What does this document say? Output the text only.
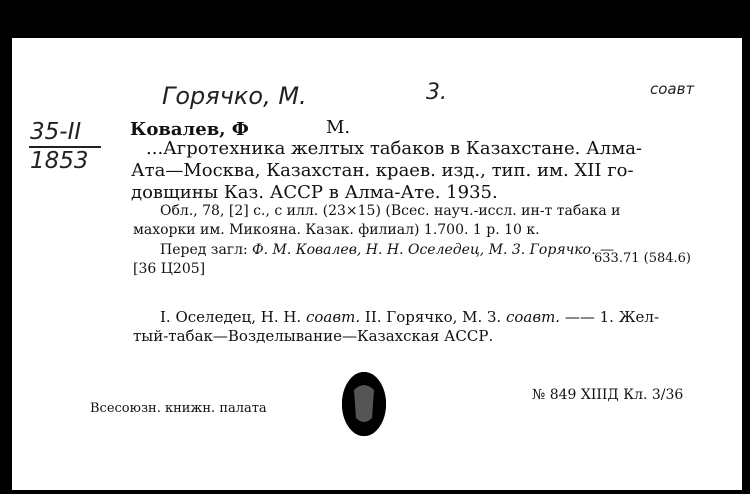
Горячко, М.	3.	соавт
35-II
1853
Ковалев, Ф	М.
...Агротехника желтых табаков в Казахстане. Алма-
Ата—Москва, Казахстан. краев. изд., тип. им. XII го-
довщины Каз. АССР в Алма-Ате. 1935.
Обл., 78, [2] с., с илл. (23×15) (Всес. науч.-иссл. ин-т табака и
махорки им. Микояна. Казак. филиал) 1.700. 1 р. 10 к.
Перед загл: Ф. М. Ковалев, Н. Н. Оселедец, М. 3. Горячко. —
[36 Ц205]
633.71 (584.6)
I. Оселедец, Н. Н. соавт. II. Горячко, М. З. соавт. —— 1. Жел-
тый-табак—Возделывание—Казахская АССР.
Всесоюзн. книжн. палата
№ 849 XIIIД Кл. 3/36
